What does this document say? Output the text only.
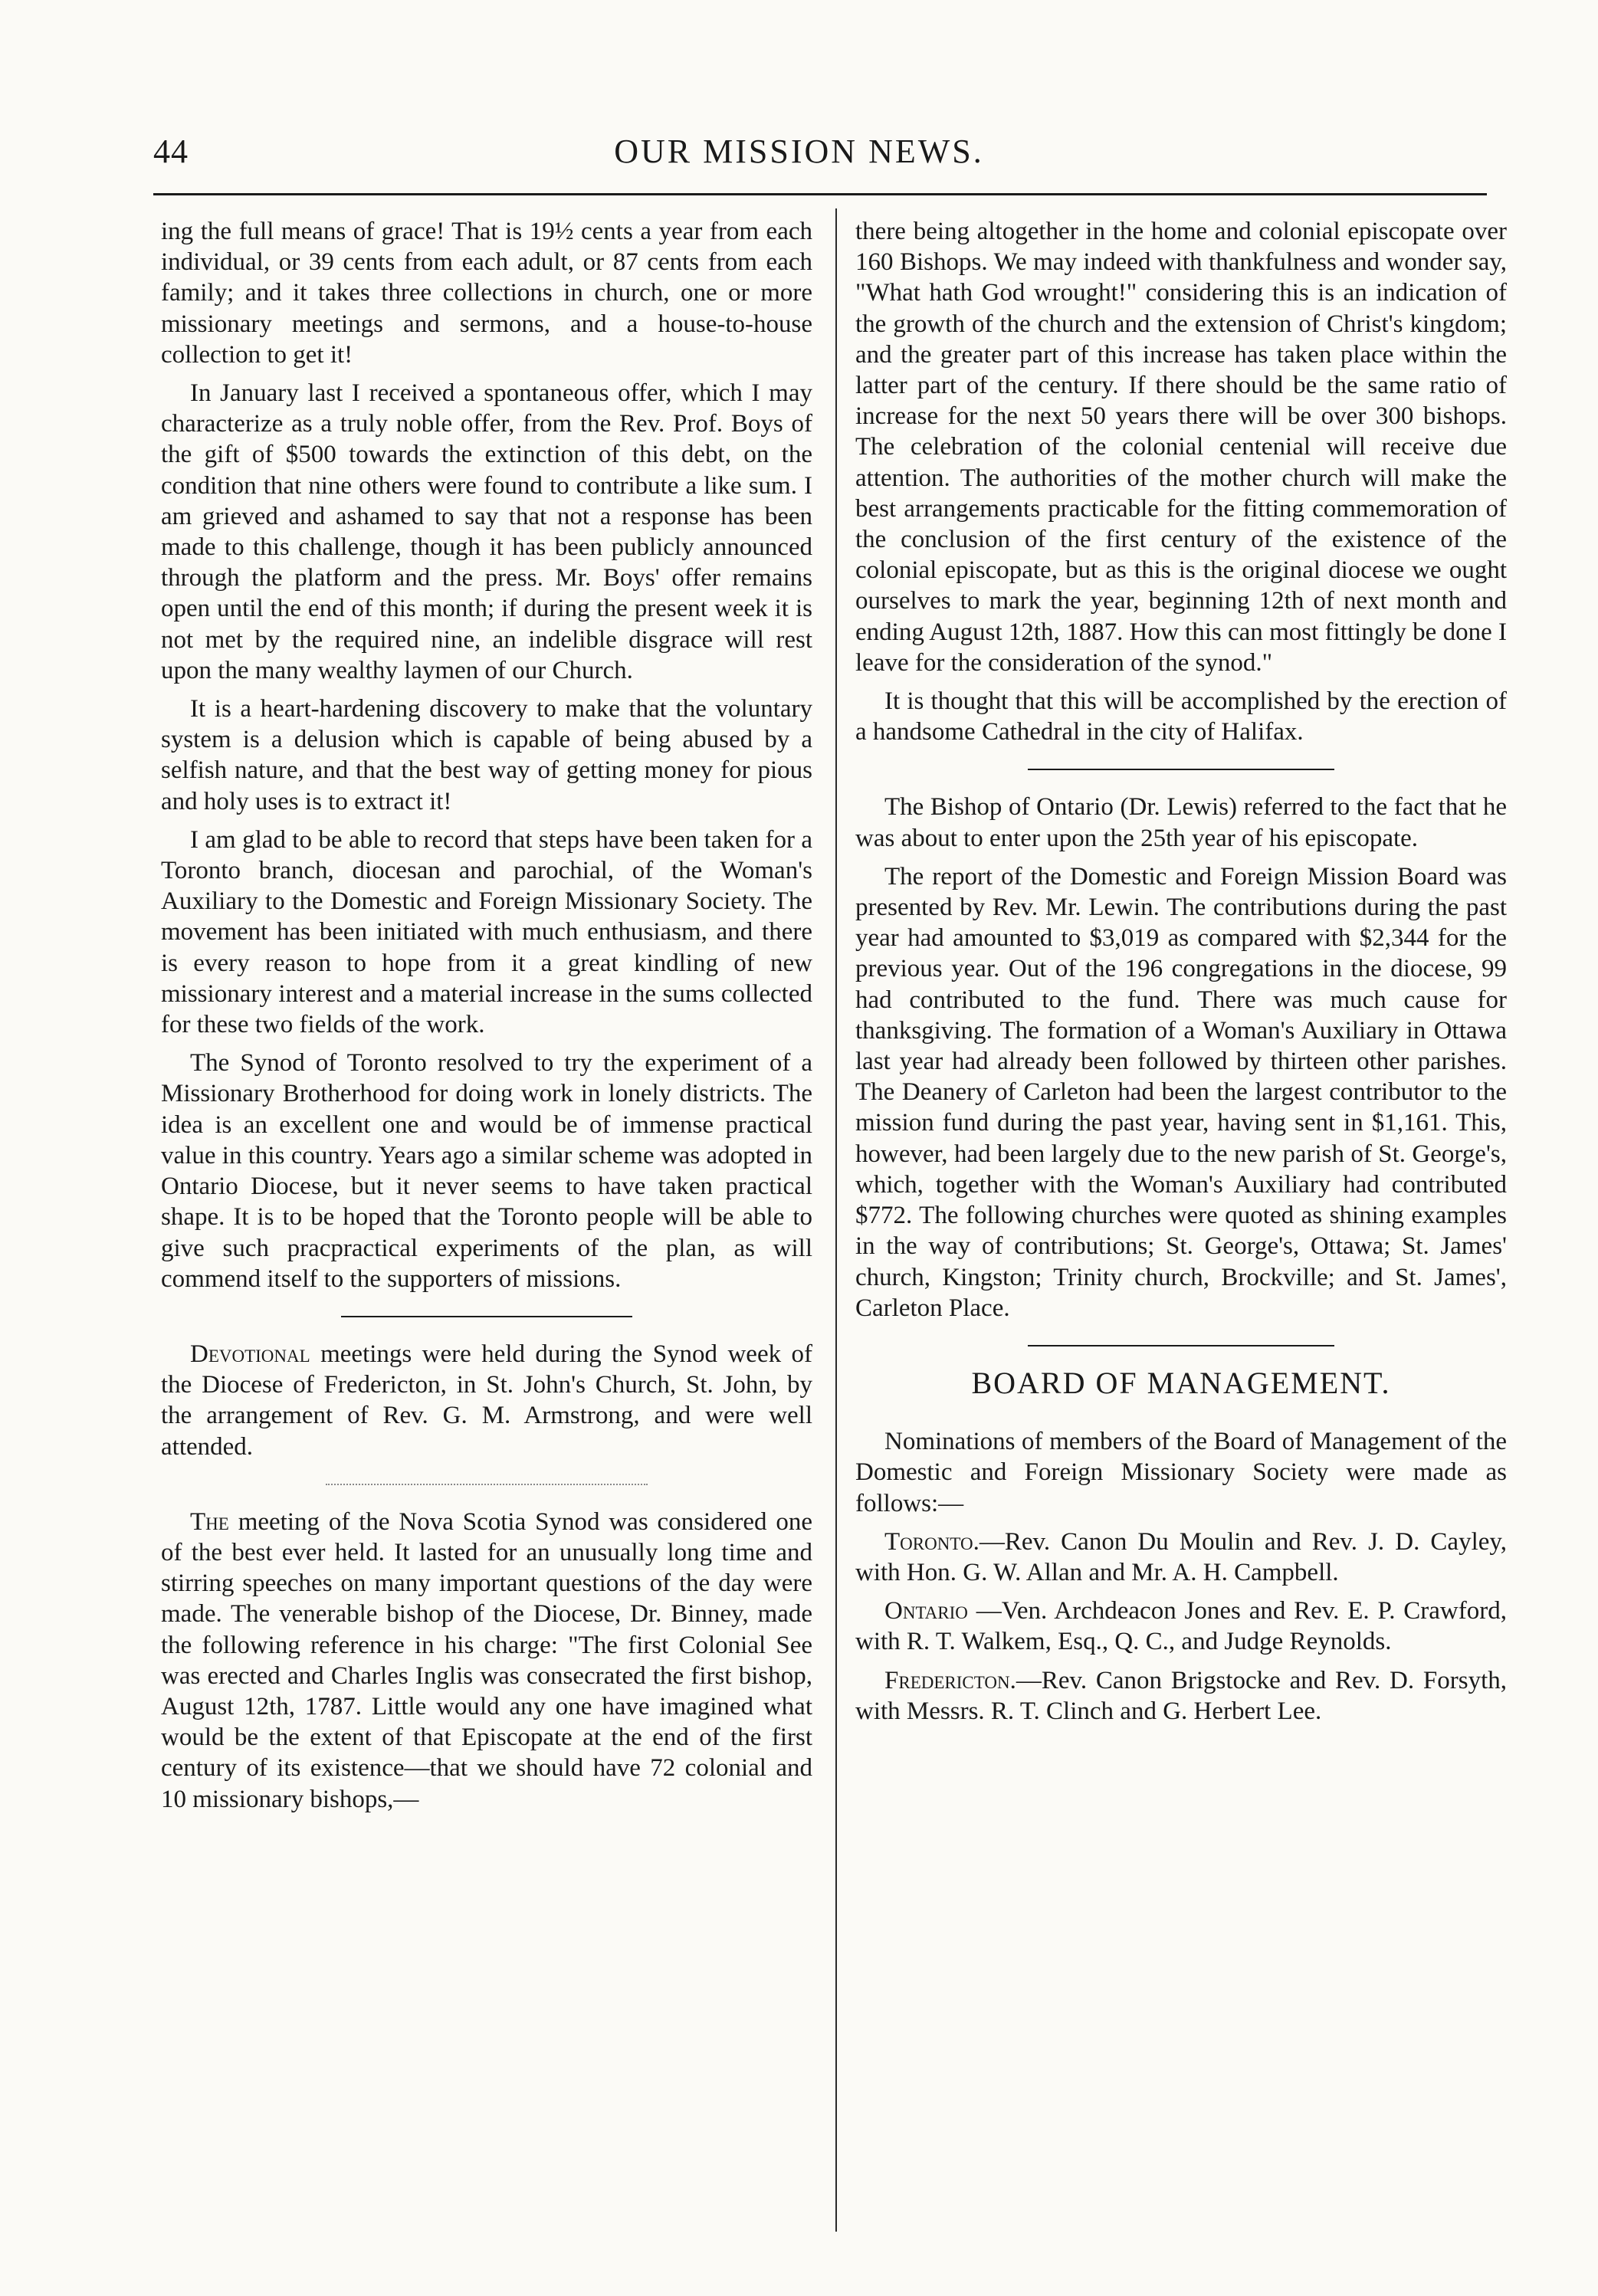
44	OUR MISSION NEWS.

ing the full means of grace! That is 19½ cents a year from each individual, or 39 cents from each adult, or 87 cents from each family; and it takes three collections in church, one or more missionary meetings and sermons, and a house-to-house collection to get it!

In January last I received a spontaneous offer, which I may characterize as a truly noble offer, from the Rev. Prof. Boys of the gift of $500 towards the extinction of this debt, on the condition that nine others were found to contribute a like sum. I am grieved and ashamed to say that not a response has been made to this challenge, though it has been publicly announced through the platform and the press. Mr. Boys' offer remains open until the end of this month; if during the present week it is not met by the required nine, an indelible disgrace will rest upon the many wealthy laymen of our Church.

It is a heart-hardening discovery to make that the voluntary system is a delusion which is capable of being abused by a selfish nature, and that the best way of getting money for pious and holy uses is to extract it!

I am glad to be able to record that steps have been taken for a Toronto branch, diocesan and parochial, of the Woman's Auxiliary to the Domestic and Foreign Missionary Society. The movement has been initiated with much enthusiasm, and there is every reason to hope from it a great kindling of new missionary interest and a material increase in the sums collected for these two fields of the work.

The Synod of Toronto resolved to try the experiment of a Missionary Brotherhood for doing work in lonely districts. The idea is an excellent one and would be of immense practical value in this country. Years ago a similar scheme was adopted in Ontario Diocese, but it never seems to have taken practical shape. It is to be hoped that the Toronto people will be able to give such pracpractical experiments of the plan, as will commend itself to the supporters of missions.

Devotional meetings were held during the Synod week of the Diocese of Fredericton, in St. John's Church, St. John, by the arrangement of Rev. G. M. Armstrong, and were well attended.

The meeting of the Nova Scotia Synod was considered one of the best ever held. It lasted for an unusually long time and stirring speeches on many important questions of the day were made. The venerable bishop of the Diocese, Dr. Binney, made the following reference in his charge: "The first Colonial See was erected and Charles Inglis was consecrated the first bishop, August 12th, 1787. Little would any one have imagined what would be the extent of that Episcopate at the end of the first century of its existence—that we should have 72 colonial and 10 missionary bishops,—

there being altogether in the home and colonial episcopate over 160 Bishops. We may indeed with thankfulness and wonder say, "What hath God wrought!" considering this is an indication of the growth of the church and the extension of Christ's kingdom; and the greater part of this increase has taken place within the latter part of the century. If there should be the same ratio of increase for the next 50 years there will be over 300 bishops. The celebration of the colonial centenial will receive due attention. The authorities of the mother church will make the best arrangements practicable for the fitting commemoration of the conclusion of the first century of the existence of the colonial episcopate, but as this is the original diocese we ought ourselves to mark the year, beginning 12th of next month and ending August 12th, 1887. How this can most fittingly be done I leave for the consideration of the synod."

It is thought that this will be accomplished by the erection of a handsome Cathedral in the city of Halifax.

The Bishop of Ontario (Dr. Lewis) referred to the fact that he was about to enter upon the 25th year of his episcopate.

The report of the Domestic and Foreign Mission Board was presented by Rev. Mr. Lewin. The contributions during the past year had amounted to $3,019 as compared with $2,344 for the previous year. Out of the 196 congregations in the diocese, 99 had contributed to the fund. There was much cause for thanksgiving. The formation of a Woman's Auxiliary in Ottawa last year had already been followed by thirteen other parishes. The Deanery of Carleton had been the largest contributor to the mission fund during the past year, having sent in $1,161. This, however, had been largely due to the new parish of St. George's, which, together with the Woman's Auxiliary had contributed $772. The following churches were quoted as shining examples in the way of contributions; St. George's, Ottawa; St. James' church, Kingston; Trinity church, Brockville; and St. James', Carleton Place.

BOARD OF MANAGEMENT.

Nominations of members of the Board of Management of the Domestic and Foreign Missionary Society were made as follows:—

Toronto.—Rev. Canon Du Moulin and Rev. J. D. Cayley, with Hon. G. W. Allan and Mr. A. H. Campbell.

Ontario —Ven. Archdeacon Jones and Rev. E. P. Crawford, with R. T. Walkem, Esq., Q. C., and Judge Reynolds.

Fredericton.—Rev. Canon Brigstocke and Rev. D. Forsyth, with Messrs. R. T. Clinch and G. Herbert Lee.
